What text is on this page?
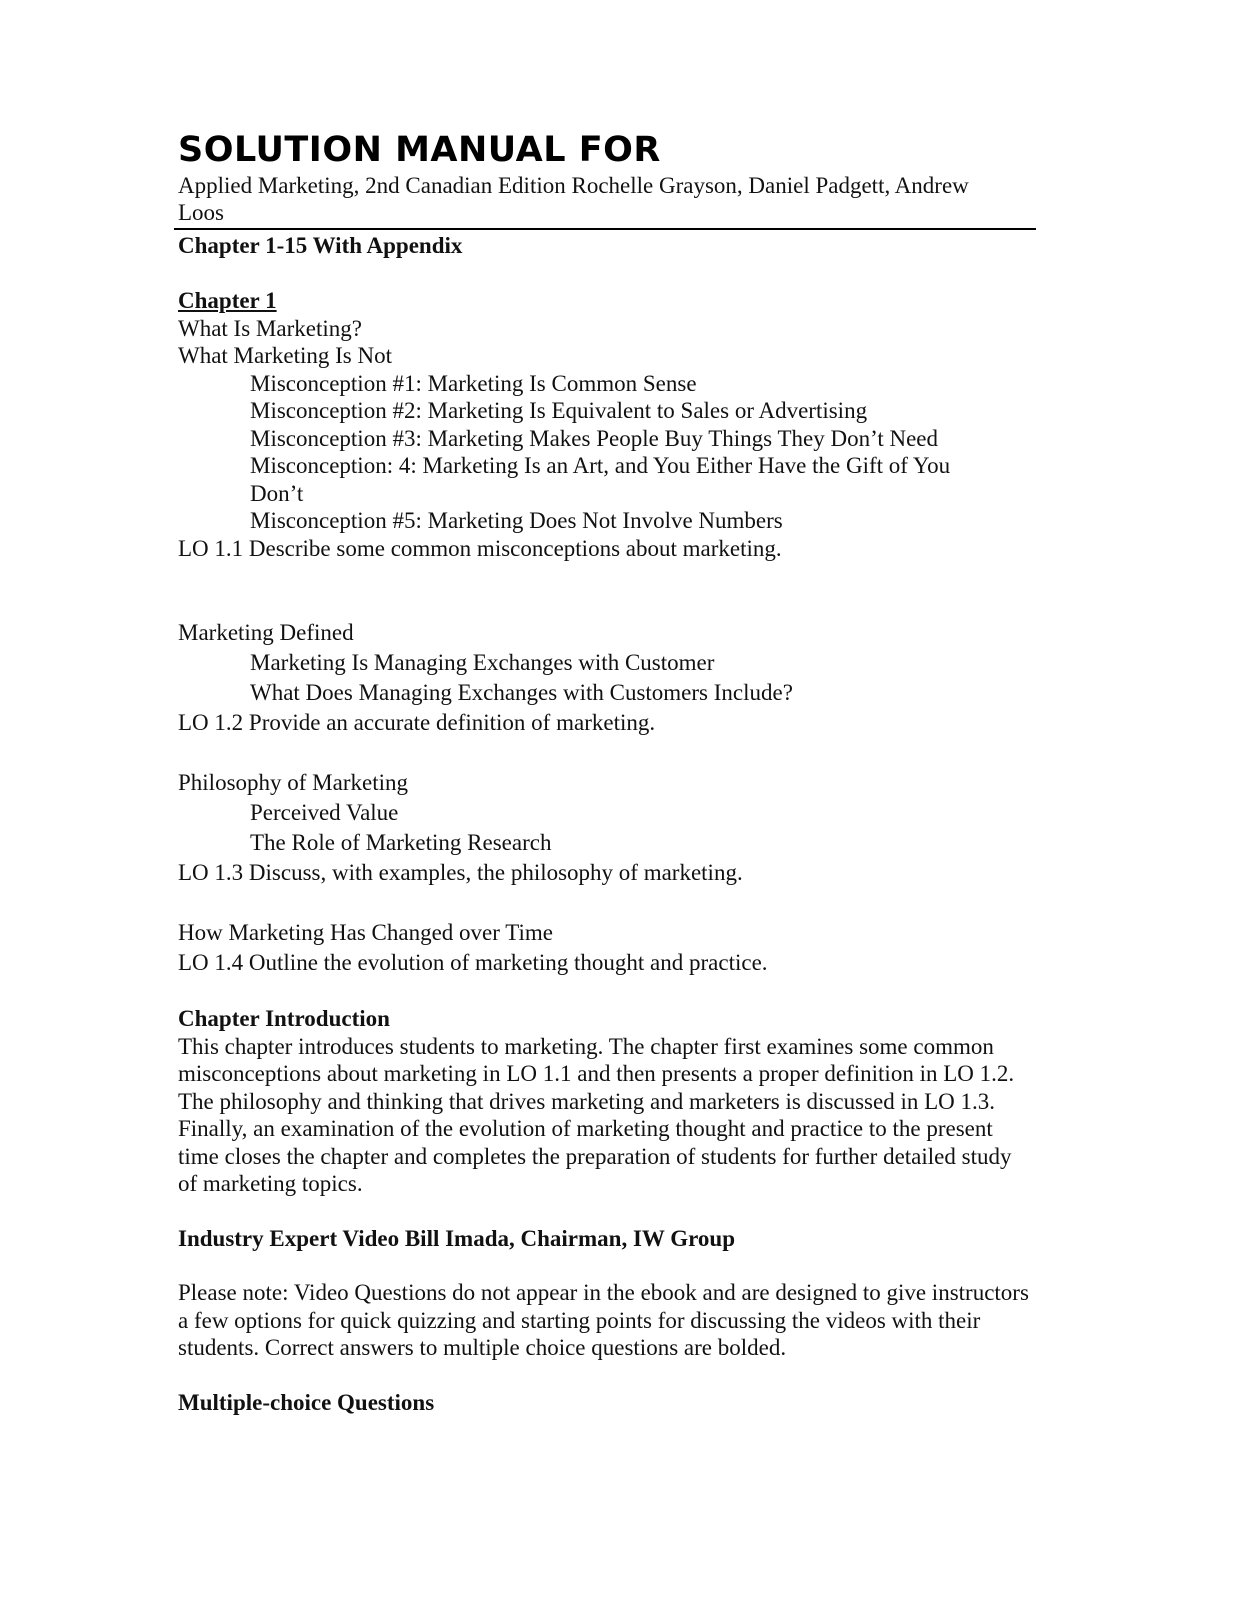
SOLUTION MANUAL FOR

Applied Marketing, 2nd Canadian Edition Rochelle Grayson, Daniel Padgett, Andrew Loos

Chapter 1-15 With Appendix

Chapter 1

What Is Marketing?

What Marketing Is Not

Misconception #1: Marketing Is Common Sense

Misconception #2: Marketing Is Equivalent to Sales or Advertising

Misconception #3: Marketing Makes People Buy Things They Don’t Need

Misconception: 4: Marketing Is an Art, and You Either Have the Gift of You Don’t

Misconception #5: Marketing Does Not Involve Numbers

LO 1.1 Describe some common misconceptions about marketing.

Marketing Defined

Marketing Is Managing Exchanges with Customer

What Does Managing Exchanges with Customers Include?

LO 1.2 Provide an accurate definition of marketing.

Philosophy of Marketing

Perceived Value

The Role of Marketing Research

LO 1.3 Discuss, with examples, the philosophy of marketing.

How Marketing Has Changed over Time

LO 1.4 Outline the evolution of marketing thought and practice.

Chapter Introduction

This chapter introduces students to marketing. The chapter first examines some common misconceptions about marketing in LO 1.1 and then presents a proper definition in LO 1.2. The philosophy and thinking that drives marketing and marketers is discussed in LO 1.3. Finally, an examination of the evolution of marketing thought and practice to the present time closes the chapter and completes the preparation of students for further detailed study of marketing topics.

Industry Expert Video Bill Imada, Chairman, IW Group

Please note: Video Questions do not appear in the ebook and are designed to give instructors a few options for quick quizzing and starting points for discussing the videos with their students. Correct answers to multiple choice questions are bolded.

Multiple-choice Questions
